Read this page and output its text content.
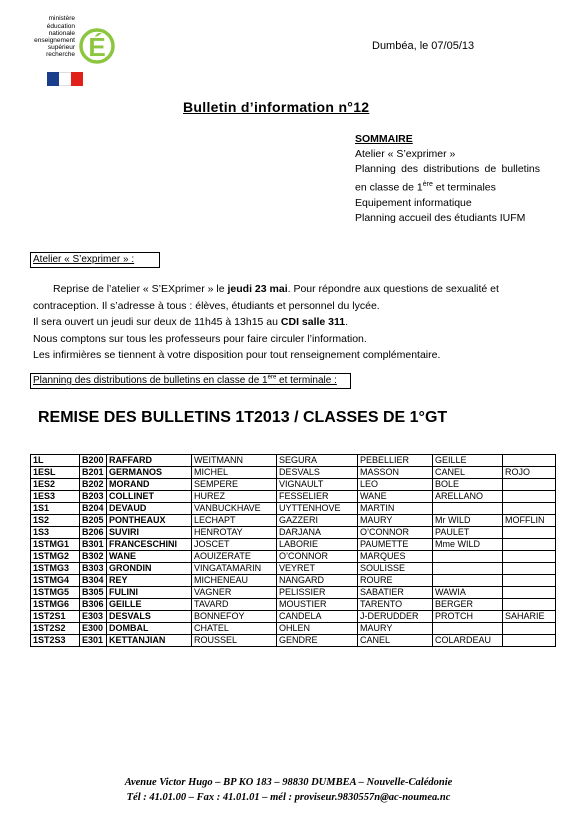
ministère
éducation
nationale
enseignement
supérieur
recherche É	Dumbéa, le 07/05/13
Bulletin d’information n°12
SOMMAIRE
Atelier « S’exprimer »
Planning des distributions de bulletins en classe de 1ère et terminales
Equipement informatique
Planning accueil des étudiants IUFM
Atelier « S’exprimer » :
Reprise de l’atelier « S’EXprimer » le jeudi 23 mai. Pour répondre aux questions de sexualité et contraception. Il s’adresse à tous : élèves, étudiants et personnel du lycée.
Il sera ouvert un jeudi sur deux de 11h45 à 13h15 au CDI salle 311.
Nous comptons sur tous les professeurs pour faire circuler l’information.
Les infirmières se tiennent à votre disposition pour tout renseignement complémentaire.
Planning des distributions de bulletins en classe de 1ère et terminale :
REMISE DES BULLETINS 1T2013 / CLASSES DE 1°GT
1L	B200	RAFFARD	WEITMANN	SEGURA	PEBELLIER	GEILLE	
1ESL	B201	GERMANOS	MICHEL	DESVALS	MASSON	CANEL	ROJO
1ES2	B202	MORAND	SEMPERE	VIGNAULT	LEO	BOLE	
1ES3	B203	COLLINET	HUREZ	FESSELIER	WANE	ARELLANO	
1S1	B204	DEVAUD	VANBUCKHAVE	UYTTENHOVE	MARTIN		
1S2	B205	PONTHEAUX	LECHAPT	GAZZERI	MAURY	Mr WILD	MOFFLIN
1S3	B206	SUVIRI	HENROTAY	DARJANA	O’CONNOR	PAULET	
1STMG1	B301	FRANCESCHINI	JOSCET	LABORIE	PAUMETTE	Mme WILD	
1STMG2	B302	WANE	AOUIZERATE	O’CONNOR	MARQUES		
1STMG3	B303	GRONDIN	VINGATAMARIN	VEYRET	SOULISSE		
1STMG4	B304	REY	MICHENEAU	NANGARD	ROURE		
1STMG5	B305	FULINI	VAGNER	PELISSIER	SABATIER	WAWIA	
1STMG6	B306	GEILLE	TAVARD	MOUSTIER	TARENTO	BERGER	
1ST2S1	E303	DESVALS	BONNEFOY	CANDELA	J-DERUDDER	PROTCH	SAHARIE
1ST2S2	E300	DOMBAL	CHATEL	OHLEN	MAURY		
1ST2S3	E301	KETTANJIAN	ROUSSEL	GENDRE	CANEL	COLARDEAU	
Avenue Victor Hugo – BP KO 183 – 98830 DUMBEA – Nouvelle-Calédonie
Tél : 41.01.00 – Fax : 41.01.01 – mél : proviseur.9830557n@ac-noumea.nc
